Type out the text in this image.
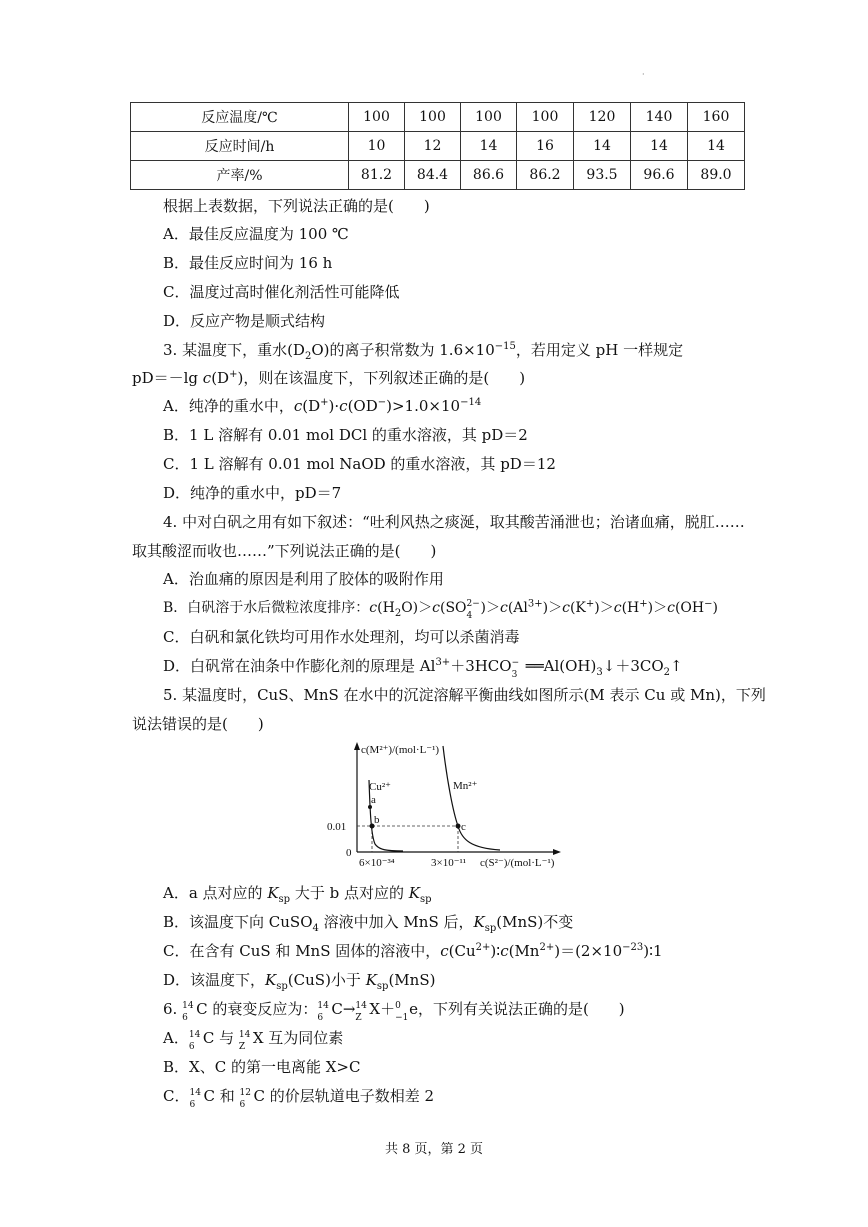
·
反应温度/℃	100	100	100	100	120	140	160
反应时间/h	10	12	14	16	14	14	14
产率/%	81.2	84.4	86.6	86.2	93.5	96.6	89.0
根据上表数据，下列说法正确的是(　　)
A．最佳反应温度为 100 ℃
B．最佳反应时间为 16 h
C．温度过高时催化剂活性可能降低
D．反应产物是顺式结构
3. 某温度下，重水$(D_2O)$的离子积常数为 $1.6\times 10^{-15}$，若用定义 pH 一样规定
pD＝－lg c(D+)，则在该温度下，下列叙述正确的是(　　)
A．纯净的重水中，$c(D^+)\cdot c(OD^-)>1.0\times 10^{-14}$
B．1 L 溶解有 0.01 mol DCl 的重水溶液，其 pD＝2
C．1 L 溶解有 0.01 mol NaOD 的重水溶液，其 pD＝12
D．纯净的重水中，pD＝7
4. 中对白矾之用有如下叙述：“吐利风热之痰涎，取其酸苦涌泄也；治诸血痛，脱肛……
取其酸涩而收也……”下列说法正确的是(　　)
A．治血痛的原因是利用了胶体的吸附作用
B．白矾溶于水后微粒浓度排序：$c(H_2O)>c(SO$ 2−
4 )$>c(Al^{3+})>c(K^+)>c(H^+)>c(OH^-)$
C．白矾和氯化铁均可用作水处理剂，均可以杀菌消毒
D．白矾常在油条中作膨化剂的原理是 $Al^{3+}+3HCO$ −
3 $══Al(OH)_3↓+3CO_2↑$
5. 某温度时，CuS、MnS 在水中的沉淀溶解平衡曲线如图所示(M 表示 Cu 或 Mn)，下列
说法错误的是(　　)
c(M²⁺)/(mol·L⁻¹)
Cu²⁺	Mn²⁺
a
b
c
0.01
0
6×10⁻³⁴	3×10⁻¹¹ c(S²⁻)/(mol·L⁻¹)
A．a 点对应的 $K_{sp}$ 大于 b 点对应的 $K_{sp}$
B．该温度下向 CuSO$_4$ 溶液中加入 MnS 后，$K_{sp}(MnS)$不变
C．在含有 CuS 和 MnS 固体的溶液中，$c(Cu^{2+})∶c(Mn^{2+})=(2\times 10^{-23})∶1$
D．该温度下，$K_{sp}(CuS)$小于 $K_{sp}(MnS)$
6. 14
6 C 的衰变反应为： 14
6 C→ 14
Z X＋ 0
−1 e，下列有关说法正确的是(　　)
A． 14
6 C 与 14
Z X 互为同位素
B．X、C 的第一电离能 X>C
C． 14
6 C 和 12
6 C 的价层轨道电子数相差 2
共 8 页，第 2 页
